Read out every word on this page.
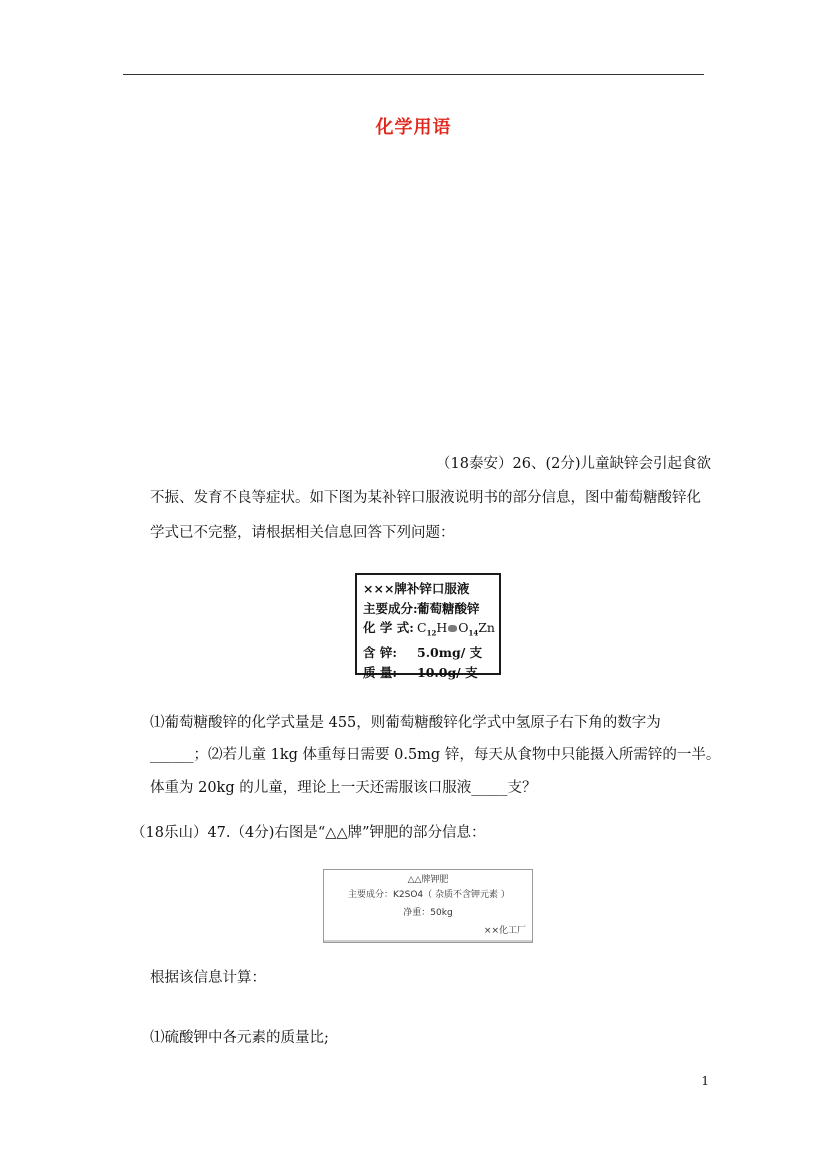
化学用语
（18泰安）26、(2分)儿童缺锌会引起食欲
不振、发育不良等症状。如下图为某补锌口服液说明书的部分信息，图中葡萄糖酸锌化
学式已不完整，请根据相关信息回答下列问题：
×××牌补锌口服液
主要成分:葡萄糖酸锌
化 学 式: $C_{12}H$ $O_{14}Zn$
含 锌: 5.0mg/ 支
质 量: 10.0g/ 支
⑴葡萄糖酸锌的化学式量是 455，则葡萄糖酸锌化学式中氢原子右下角的数字为
______；⑵若儿童 1kg 体重每日需要 0.5mg 锌，每天从食物中只能摄入所需锌的一半。
体重为 20kg 的儿童，理论上一天还需服该口服液_____支？
（18乐山）47.（4分)右图是“△△牌”钾肥的部分信息：
△△牌钾肥
主要成分：K2SO4（ 杂质不含钾元素 ）
净重：50kg
××化工厂
根据该信息计算：
⑴硫酸钾中各元素的质量比;
1
